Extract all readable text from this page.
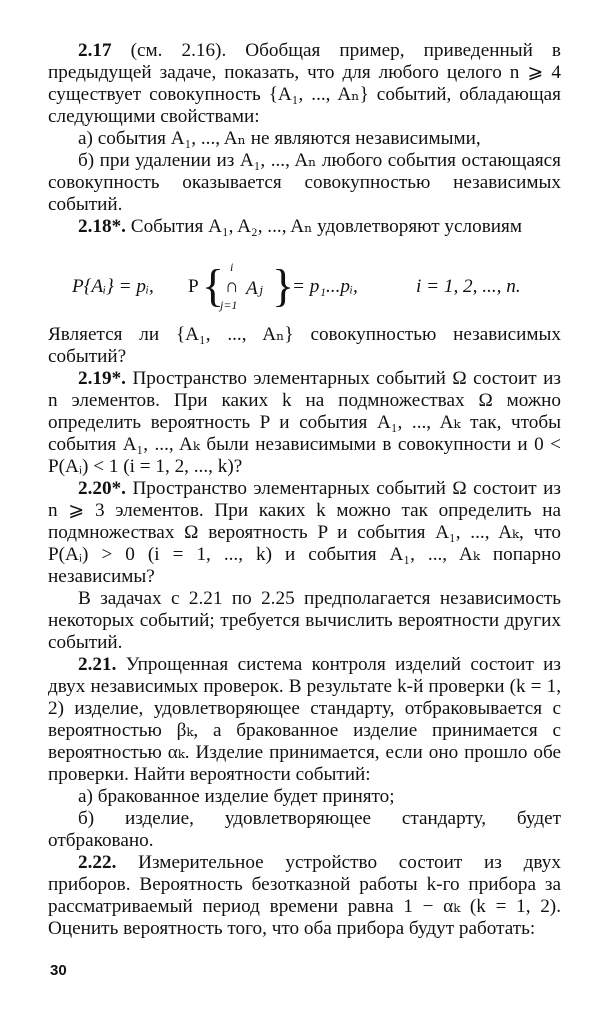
2.17 (см. 2.16). Обобщая пример, приведенный в предыдущей задаче, показать, что для любого целого n ⩾ 4 существует совокупность {A₁, ..., Aₙ} событий, обладающая следующими свойствами:

а) события A₁, ..., Aₙ не являются независимыми,

б) при удалении из A₁, ..., Aₙ любого события остающаяся совокупность оказывается совокупностью независимых событий.

2.18*. События A₁, A₂, ..., Aₙ удовлетворяют условиям

Является ли {A₁, ..., Aₙ} совокупностью независимых событий?

2.19*. Пространство элементарных событий Ω состоит из n элементов. При каких k на подмножествах Ω можно определить вероятность P и события A₁, ..., Aₖ так, чтобы события A₁, ..., Aₖ были независимыми в совокупности и 0 < P(Aᵢ) < 1 (i = 1, 2, ..., k)?

2.20*. Пространство элементарных событий Ω состоит из n ⩾ 3 элементов. При каких k можно так определить на подмножествах Ω вероятность P и события A₁, ..., Aₖ, что P(Aᵢ) > 0 (i = 1, ..., k) и события A₁, ..., Aₖ попарно независимы?

В задачах с 2.21 по 2.25 предполагается независимость некоторых событий; требуется вычислить вероятности других событий.

2.21. Упрощенная система контроля изделий состоит из двух независимых проверок. В результате k-й проверки (k = 1, 2) изделие, удовлетворяющее стандарту, отбраковывается с вероятностью βₖ, а бракованное изделие принимается с вероятностью αₖ. Изделие принимается, если оно прошло обе проверки. Найти вероятности событий:

а) бракованное изделие будет принято;

б) изделие, удовлетворяющее стандарту, будет отбраковано.

2.22. Измерительное устройство состоит из двух приборов. Вероятность безотказной работы k-го прибора за рассматриваемый период времени равна 1 − αₖ (k = 1, 2). Оценить вероятность того, что оба прибора будут работать:

P{Aᵢ} = pᵢ, P { i
∩
j=1
Aⱼ }
= p₁...pᵢ,	i = 1, 2, ..., n.
30
